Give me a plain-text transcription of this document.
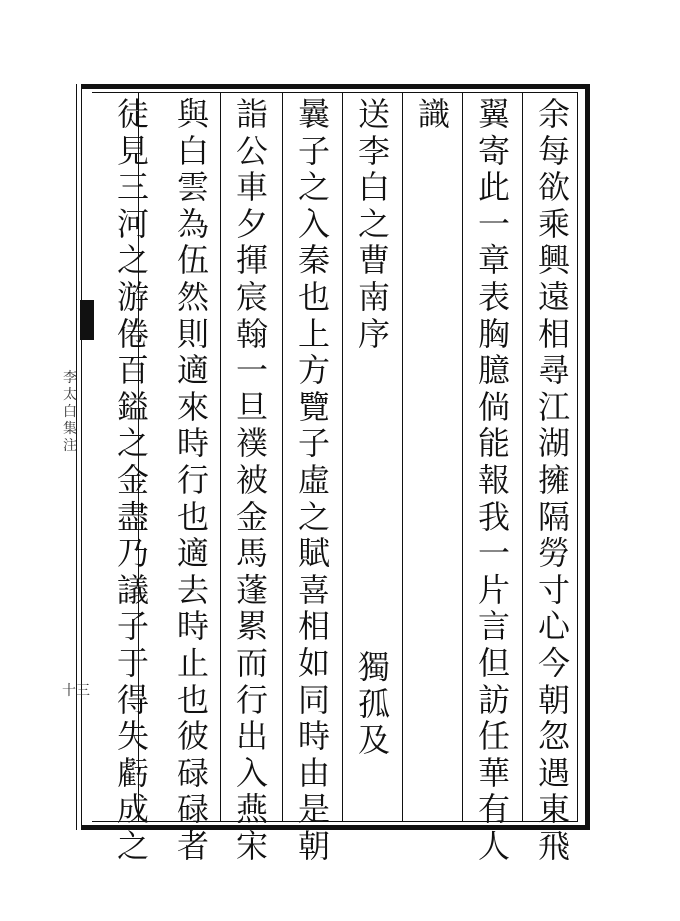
李
太
白
集
注
十三
余
每
欲
乘
興
遠
相
尋
江
湖
擁
隔
勞
寸
心
今
朝
忽
遇
東
飛
翼
寄
此
一
章
表
胸
臆
倘
能
報
我
一
片
言
但
訪
任
華
有
人
識
送
李
白
之
曹
南
序
曩
子
之
入
秦
也
上
方
覽
子
虛
之
賦
喜
相
如
同
時
由
是
朝
詣
公
車
夕
揮
宸
翰
一
旦
襆
被
金
馬
蓬
累
而
行
出
入
燕
宋
與
白
雲
為
伍
然
則
適
來
時
行
也
適
去
時
止
也
彼
碌
碌
者
徒
見
三
河
之
游
倦
百
鎰
之
金
盡
乃
議
子
于
得
失
虧
成
之
獨
孤
及
